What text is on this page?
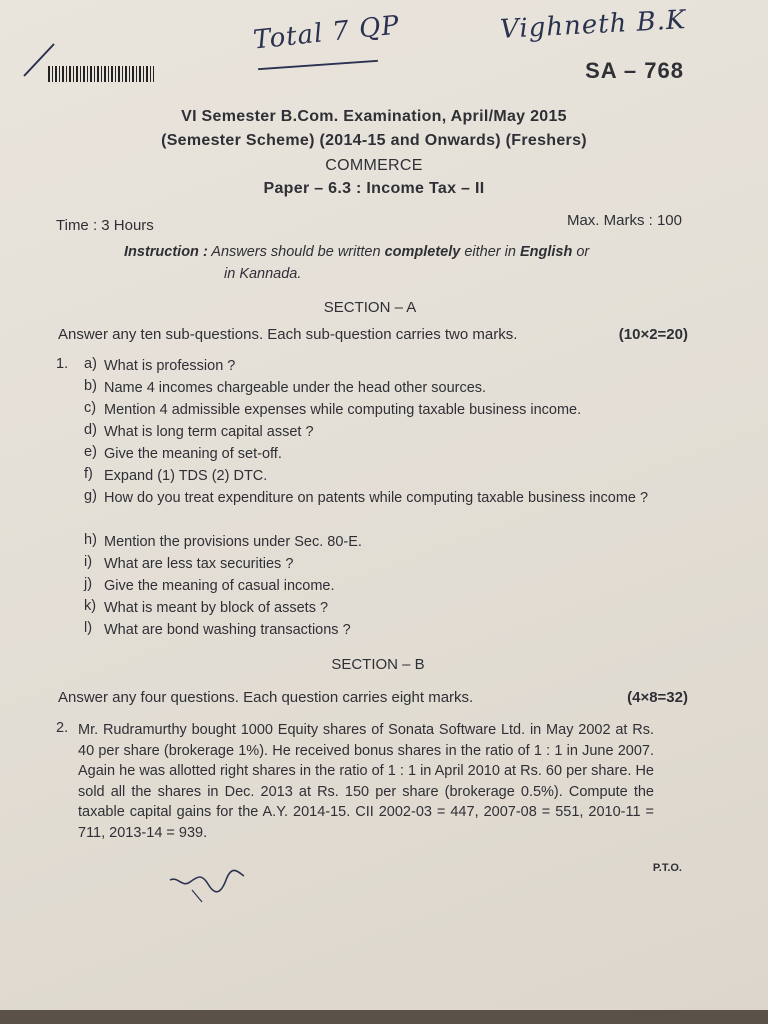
Total 7 QP	Vighneth B.K
SA – 768
VI Semester B.Com. Examination, April/May 2015
(Semester Scheme) (2014-15 and Onwards) (Freshers)
COMMERCE
Paper – 6.3 : Income Tax – II
Time : 3 Hours	Max. Marks : 100
Instruction : Answers should be written completely either in English or
in Kannada.
SECTION – A
Answer any ten sub-questions. Each sub-question carries two marks.	(10×2=20)
1. a) What is profession ?
b) Name 4 incomes chargeable under the head other sources.
c) Mention 4 admissible expenses while computing taxable business income.
d) What is long term capital asset ?
e) Give the meaning of set-off.
f) Expand (1) TDS (2) DTC.
g) How do you treat expenditure on patents while computing taxable business income ?
h) Mention the provisions under Sec. 80-E.
i) What are less tax securities ?
j) Give the meaning of casual income.
k) What is meant by block of assets ?
l) What are bond washing transactions ?
SECTION – B
Answer any four questions. Each question carries eight marks.	(4×8=32)
2. Mr. Rudramurthy bought 1000 Equity shares of Sonata Software Ltd. in May 2002 at Rs. 40 per share (brokerage 1%). He received bonus shares in the ratio of 1 : 1 in June 2007. Again he was allotted right shares in the ratio of 1 : 1 in April 2010 at Rs. 60 per share. He sold all the shares in Dec. 2013 at Rs. 150 per share (brokerage 0.5%). Compute the taxable capital gains for the A.Y. 2014-15. CII 2002-03 = 447, 2007-08 = 551, 2010-11 = 711, 2013-14 = 939.
P.T.O.
